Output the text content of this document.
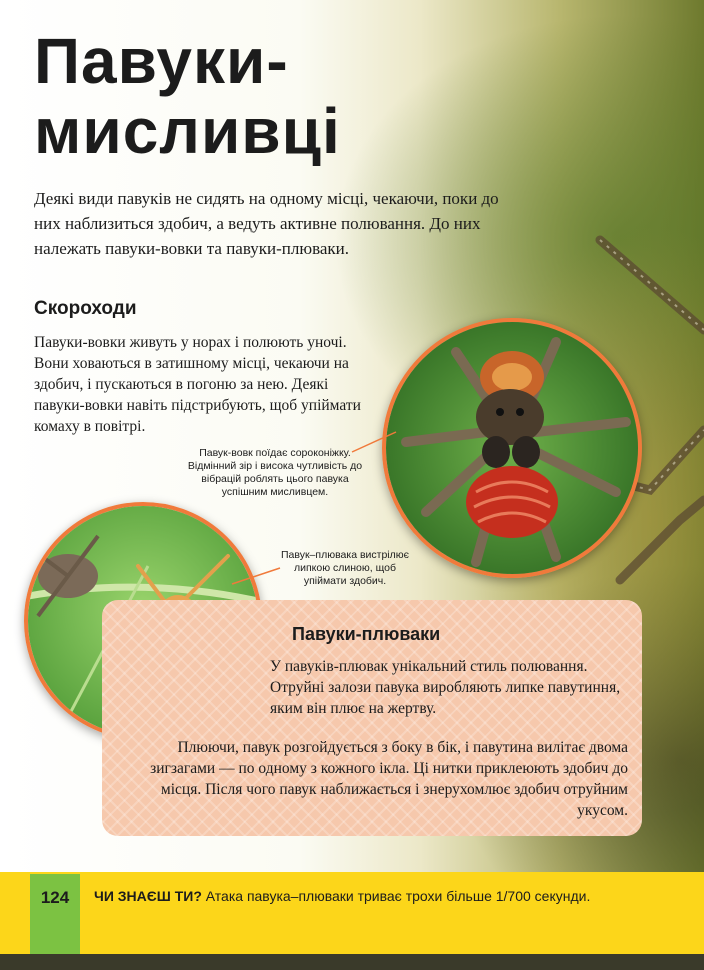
Павуки-
мисливці

Деякі види павуків не сидять на одному місці, чекаючи, поки до них наблизиться здобич, а ведуть активне полювання. До них належать павуки-вовки та павуки-плюваки.

Скороходи

Павуки-вовки живуть у норах і полюють уночі. Вони ховаються в затишному місці, чекаючи на здобич, і пускаються в погоню за нею. Деякі павуки-вовки навіть підстрибують, щоб упіймати комаху в повітрі.

Павук-вовк поїдає сороконіжку. Відмінний зір і висока чутливість до вібрацій роблять цього павука успішним мисливцем.

Павук–плювака вистрілює липкою слиною, щоб упіймати здобич.

Павуки-плюваки

У павуків-плювак унікальний стиль полювання. Отруйні залози павука виробляють липке павутиння, яким він плює на жертву.

Плюючи, павук розгойдується з боку в бік, і павутина вилітає двома зигзагами — по одному з кожного ікла. Ці нитки приклеюють здобич до місця. Після чого павук наближається і знерухомлює здобич отруйним укусом.

124	ЧИ ЗНАЄШ ТИ? Атака павука–плюваки триває трохи більше 1/700 секунди.
